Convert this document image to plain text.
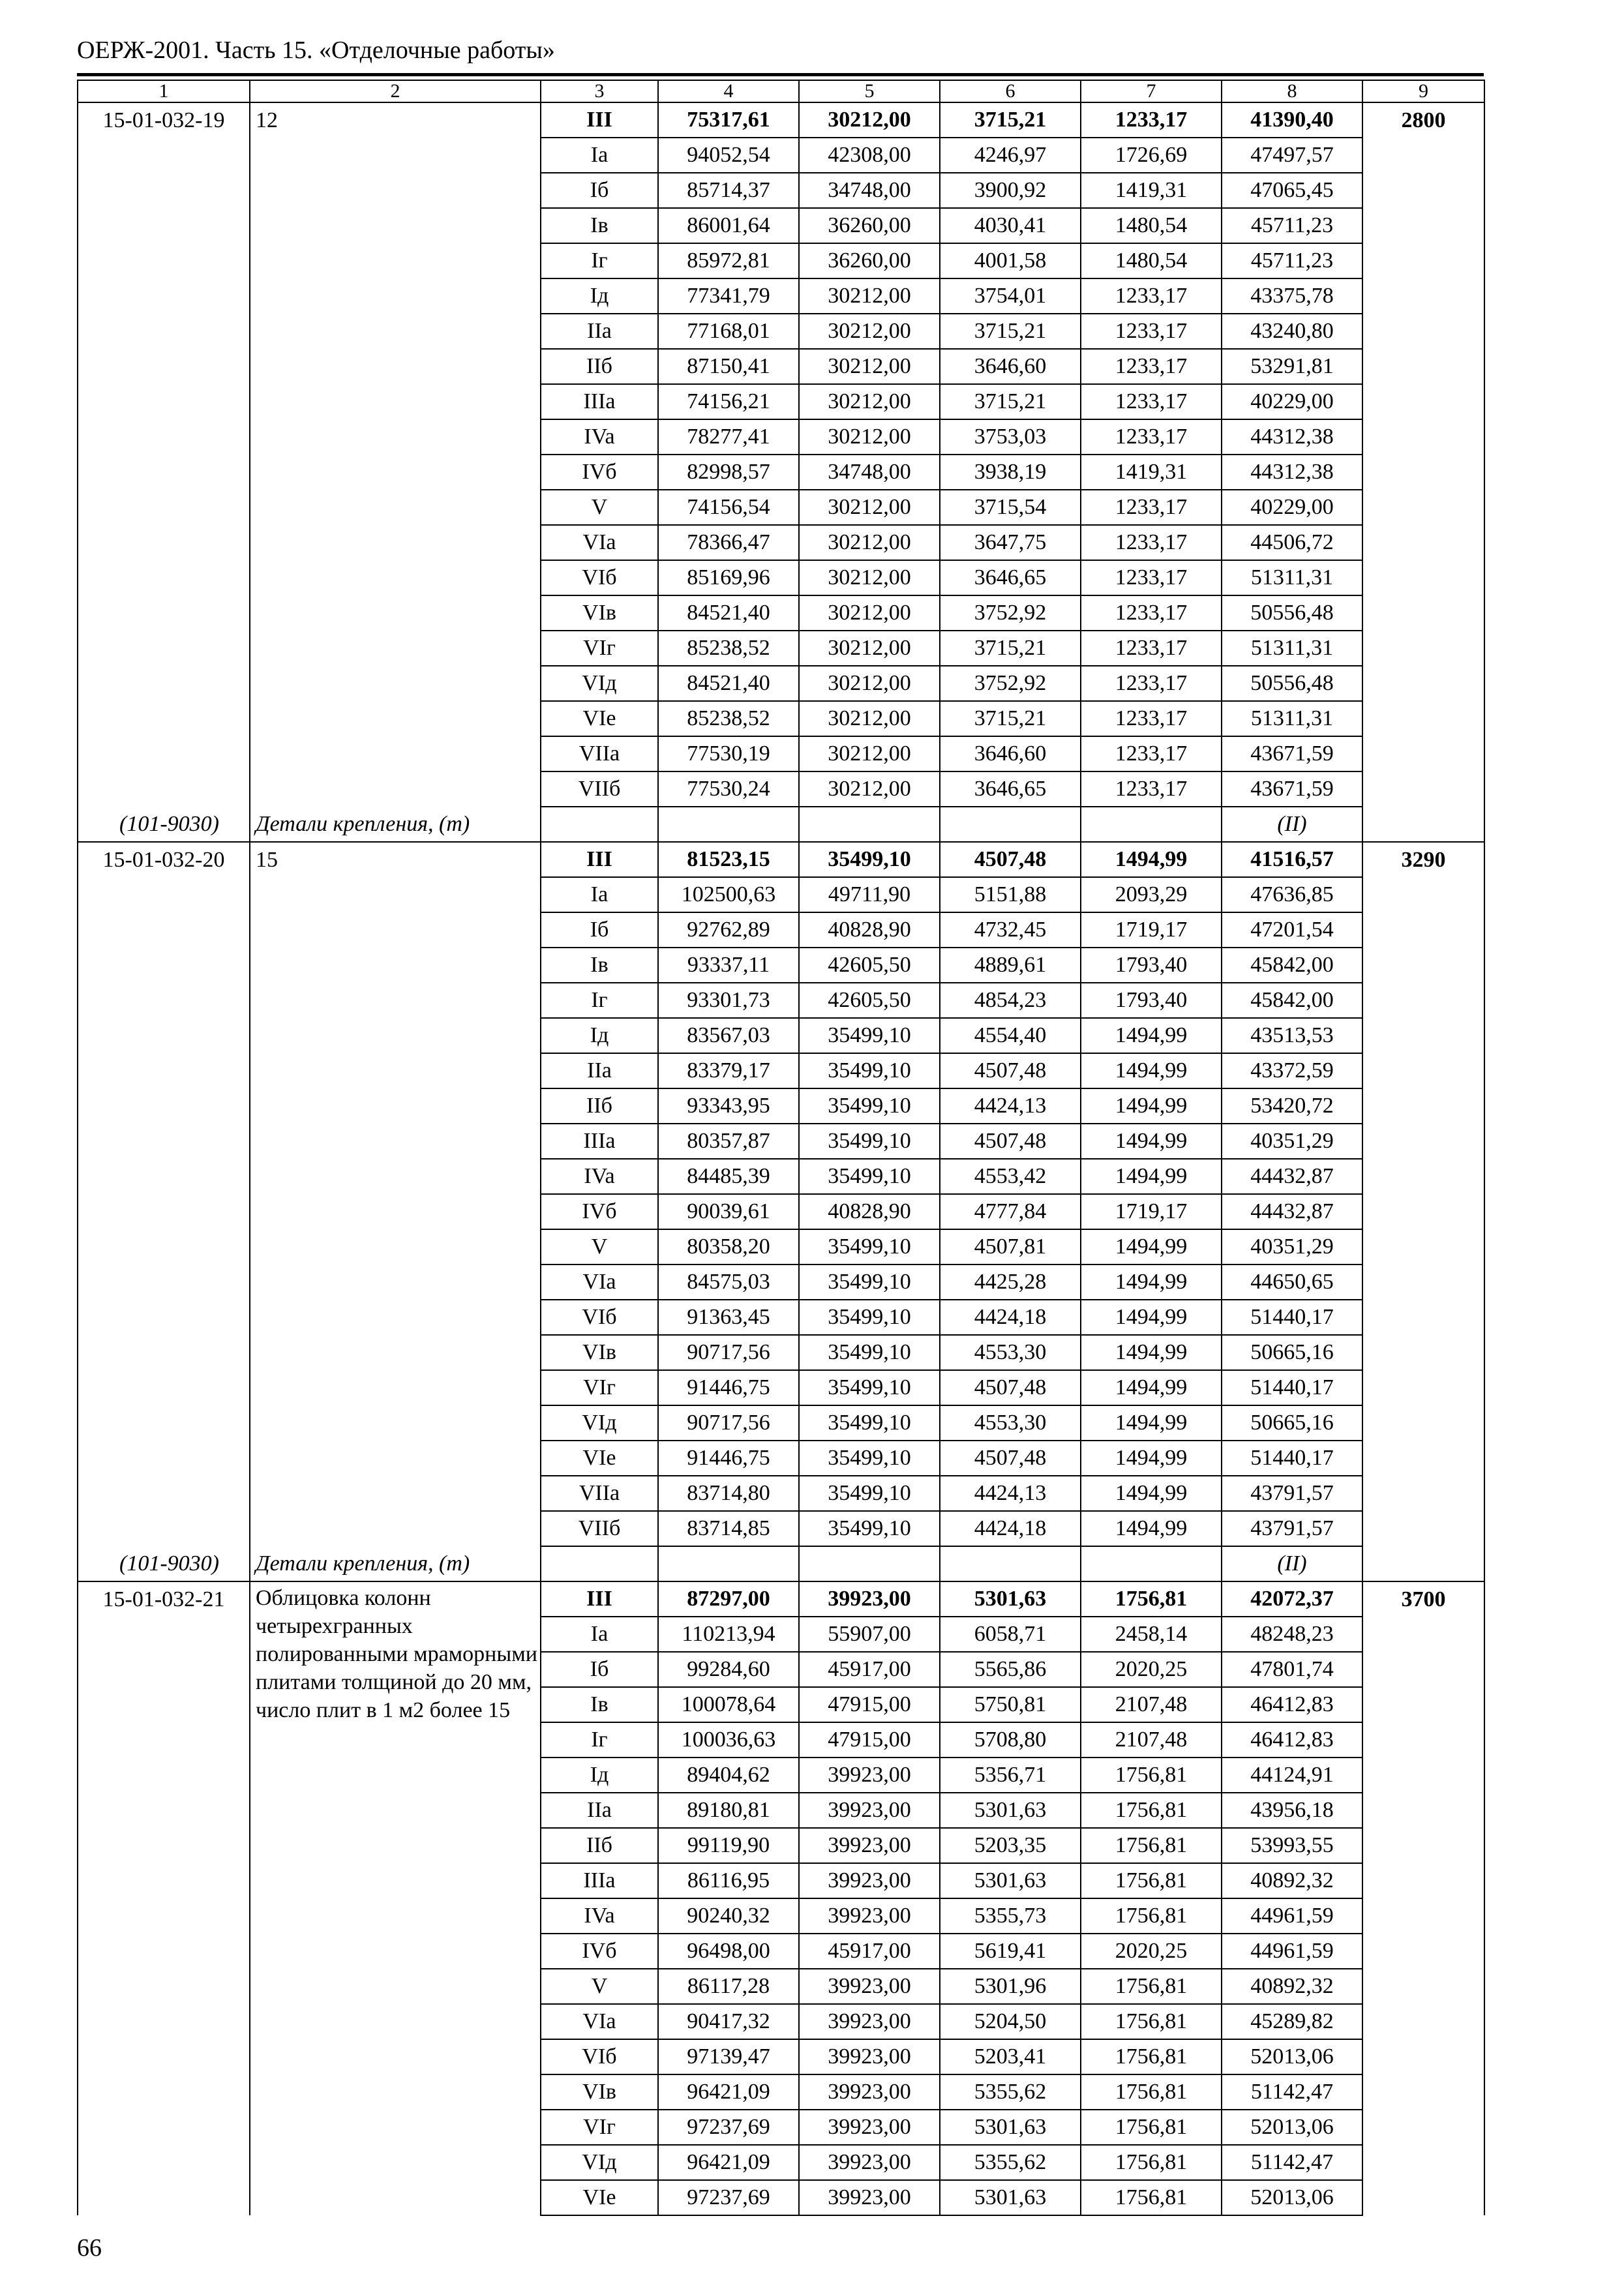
ОЕРЖ-2001. Часть 15. «Отделочные работы»
1	2	3	4	5	6	7	8	9
15-01-032-19	12	III	75317,61	30212,00	3715,21	1233,17	41390,40	2800
		Ia	94052,54	42308,00	4246,97	1726,69	47497,57	
		Iб	85714,37	34748,00	3900,92	1419,31	47065,45	
		Iв	86001,64	36260,00	4030,41	1480,54	45711,23	
		Iг	85972,81	36260,00	4001,58	1480,54	45711,23	
		Iд	77341,79	30212,00	3754,01	1233,17	43375,78	
		IIa	77168,01	30212,00	3715,21	1233,17	43240,80	
		IIб	87150,41	30212,00	3646,60	1233,17	53291,81	
		IIIa	74156,21	30212,00	3715,21	1233,17	40229,00	
		IVa	78277,41	30212,00	3753,03	1233,17	44312,38	
		IVб	82998,57	34748,00	3938,19	1419,31	44312,38	
		V	74156,54	30212,00	3715,54	1233,17	40229,00	
		VIa	78366,47	30212,00	3647,75	1233,17	44506,72	
		VIб	85169,96	30212,00	3646,65	1233,17	51311,31	
		VIв	84521,40	30212,00	3752,92	1233,17	50556,48	
		VIг	85238,52	30212,00	3715,21	1233,17	51311,31	
		VIд	84521,40	30212,00	3752,92	1233,17	50556,48	
		VIe	85238,52	30212,00	3715,21	1233,17	51311,31	
		VIIa	77530,19	30212,00	3646,60	1233,17	43671,59	
		VIIб	77530,24	30212,00	3646,65	1233,17	43671,59	
(101-9030)	Детали крепления, (т)						(II)	
15-01-032-20	15	III	81523,15	35499,10	4507,48	1494,99	41516,57	3290
		Ia	102500,63	49711,90	5151,88	2093,29	47636,85	
		Iб	92762,89	40828,90	4732,45	1719,17	47201,54	
		Iв	93337,11	42605,50	4889,61	1793,40	45842,00	
		Iг	93301,73	42605,50	4854,23	1793,40	45842,00	
		Iд	83567,03	35499,10	4554,40	1494,99	43513,53	
		IIa	83379,17	35499,10	4507,48	1494,99	43372,59	
		IIб	93343,95	35499,10	4424,13	1494,99	53420,72	
		IIIa	80357,87	35499,10	4507,48	1494,99	40351,29	
		IVa	84485,39	35499,10	4553,42	1494,99	44432,87	
		IVб	90039,61	40828,90	4777,84	1719,17	44432,87	
		V	80358,20	35499,10	4507,81	1494,99	40351,29	
		VIa	84575,03	35499,10	4425,28	1494,99	44650,65	
		VIб	91363,45	35499,10	4424,18	1494,99	51440,17	
		VIв	90717,56	35499,10	4553,30	1494,99	50665,16	
		VIг	91446,75	35499,10	4507,48	1494,99	51440,17	
		VIд	90717,56	35499,10	4553,30	1494,99	50665,16	
		VIe	91446,75	35499,10	4507,48	1494,99	51440,17	
		VIIa	83714,80	35499,10	4424,13	1494,99	43791,57	
		VIIб	83714,85	35499,10	4424,18	1494,99	43791,57	
(101-9030)	Детали крепления, (т)						(II)	
15-01-032-21	Облицовка колонн четырехгранных полированными мраморными плитами толщиной до 20 мм, число плит в 1 м2 более 15	III	87297,00	39923,00	5301,63	1756,81	42072,37	3700
		Ia	110213,94	55907,00	6058,71	2458,14	48248,23	
		Iб	99284,60	45917,00	5565,86	2020,25	47801,74	
		Iв	100078,64	47915,00	5750,81	2107,48	46412,83	
		Iг	100036,63	47915,00	5708,80	2107,48	46412,83	
		Iд	89404,62	39923,00	5356,71	1756,81	44124,91	
		IIa	89180,81	39923,00	5301,63	1756,81	43956,18	
		IIб	99119,90	39923,00	5203,35	1756,81	53993,55	
		IIIa	86116,95	39923,00	5301,63	1756,81	40892,32	
		IVa	90240,32	39923,00	5355,73	1756,81	44961,59	
		IVб	96498,00	45917,00	5619,41	2020,25	44961,59	
		V	86117,28	39923,00	5301,96	1756,81	40892,32	
		VIa	90417,32	39923,00	5204,50	1756,81	45289,82	
		VIб	97139,47	39923,00	5203,41	1756,81	52013,06	
		VIв	96421,09	39923,00	5355,62	1756,81	51142,47	
		VIг	97237,69	39923,00	5301,63	1756,81	52013,06	
		VIд	96421,09	39923,00	5355,62	1756,81	51142,47	
		VIe	97237,69	39923,00	5301,63	1756,81	52013,06	
66
